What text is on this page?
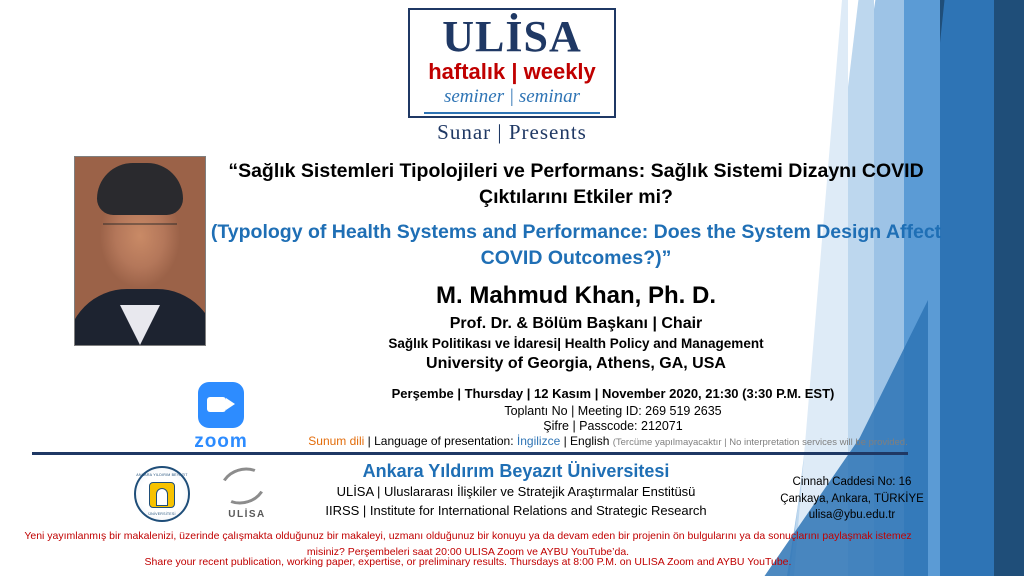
ULİSA
haftalık | weekly
seminer | seminar
Sunar | Presents
“Sağlık Sistemleri Tipolojileri ve Performans: Sağlık Sistemi Dizaynı COVID Çıktılarını Etkiler mi?
(Typology of Health Systems and Performance: Does the System Design Affect COVID Outcomes?)”
M. Mahmud Khan, Ph. D.
Prof. Dr. & Bölüm Başkanı | Chair
Sağlık Politikası ve İdaresi| Health Policy and Management
University of Georgia, Athens, GA, USA
zoom
Perşembe | Thursday | 12 Kasım | November 2020, 21:30 (3:30 P.M. EST)
Toplantı No | Meeting ID: 269 519 2635
Şifre | Passcode: 212071
Sunum dili | Language of presentation: İngilizce | English (Tercüme yapılmayacaktır | No interpretation services will be provided.
ANKARA YILDIRIM BEYAZIT
ÜNİVERSİTESİ	ULİSA
Ankara Yıldırım Beyazıt Üniversitesi
ULİSA | Uluslararası İlişkiler ve Stratejik Araştırmalar Enstitüsü
IIRSS | Institute for International Relations and Strategic Research
Cinnah Caddesi No: 16
Çankaya, Ankara, TÜRKİYE
ulisa@ybu.edu.tr
Yeni yayımlanmış bir makalenizi, üzerinde çalışmakta olduğunuz bir makaleyi, uzmanı olduğunuz bir konuyu ya da devam eden bir projenin ön bulgularını ya da sonuçlarını paylaşmak istemez
misiniz? Perşembeleri saat 20:00 ULISA Zoom ve AYBU YouTube’da.
Share your recent publication, working paper, expertise, or preliminary results. Thursdays at 8:00 P.M. on ULISA Zoom and AYBU YouTube.
